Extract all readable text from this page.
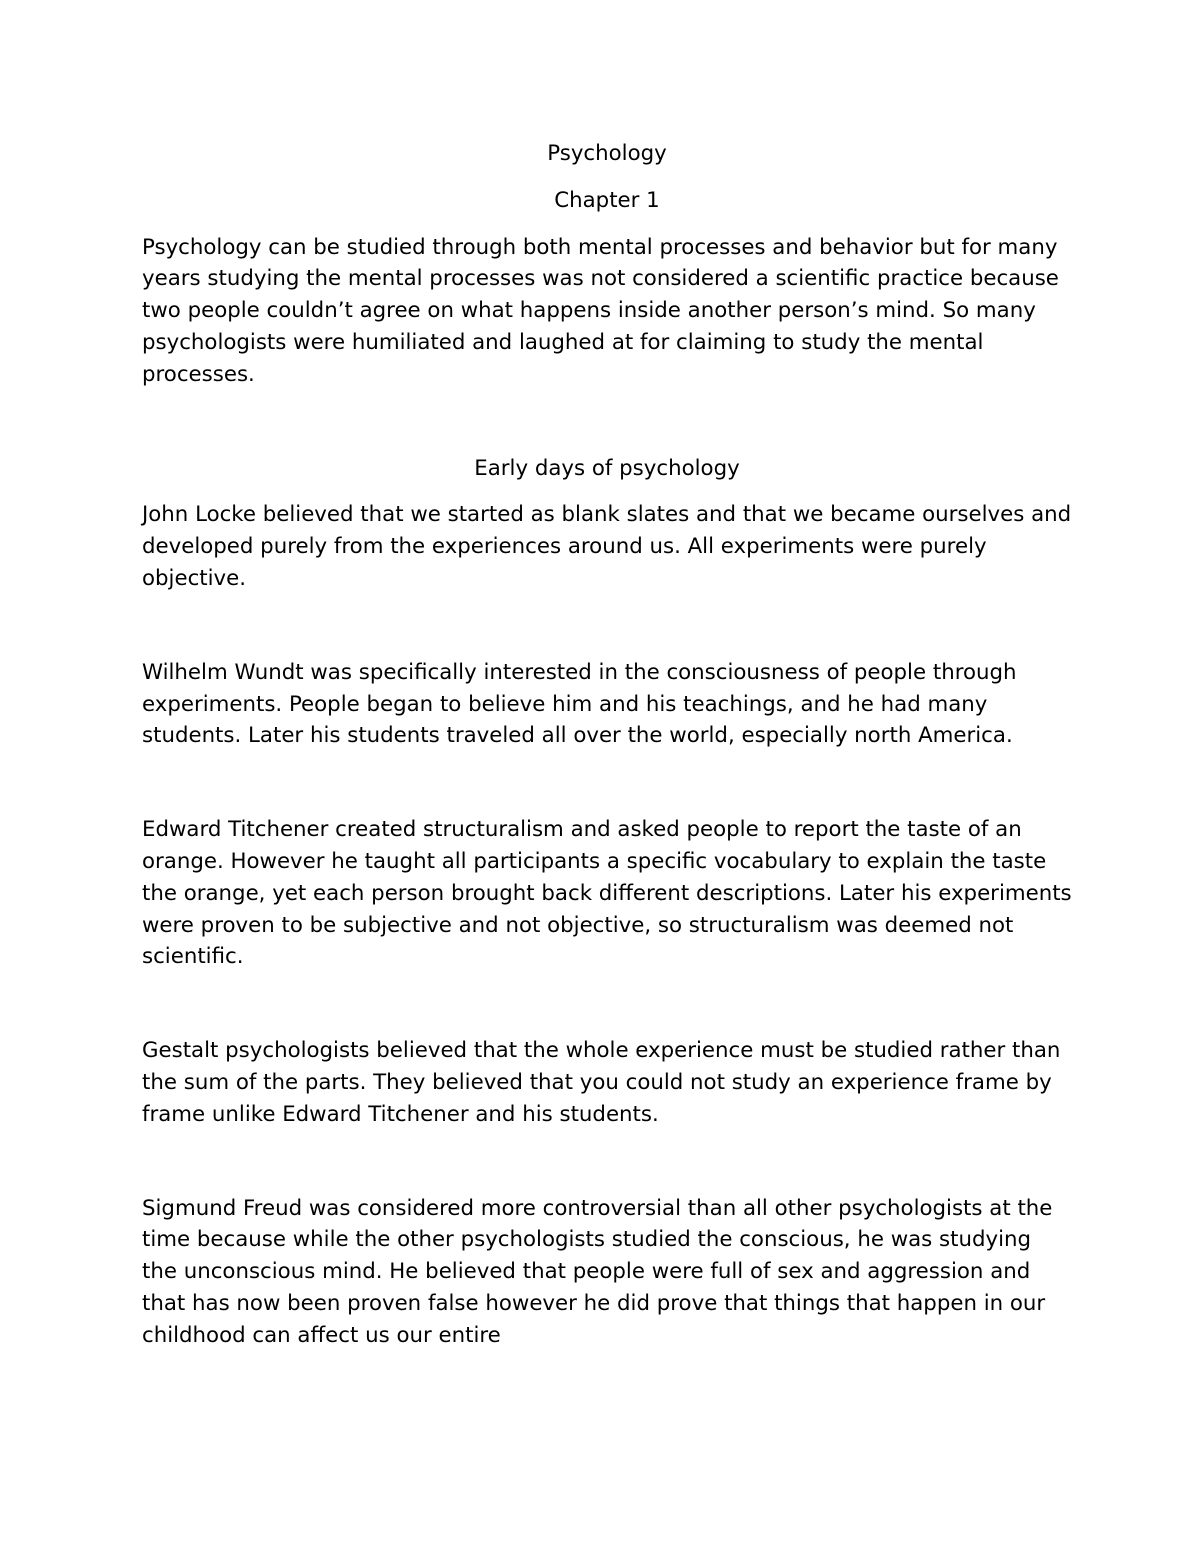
Psychology

Chapter 1

Psychology can be studied through both mental processes and behavior but for many years studying the mental processes was not considered a scientific practice because two people couldn’t agree on what happens inside another person’s mind. So many psychologists were humiliated and laughed at for claiming to study the mental processes.

Early days of psychology

John Locke believed that we started as blank slates and that we became ourselves and developed purely from the experiences around us. All experiments were purely objective.

Wilhelm Wundt was specifically interested in the consciousness of people through experiments. People began to believe him and his teachings, and he had many students. Later his students traveled all over the world, especially north America.

Edward Titchener created structuralism and asked people to report the taste of an orange. However he taught all participants a specific vocabulary to explain the taste the orange, yet each person brought back different descriptions. Later his experiments were proven to be subjective and not objective, so structuralism was deemed not scientific.

Gestalt psychologists believed that the whole experience must be studied rather than the sum of the parts. They believed that you could not study an experience frame by frame unlike Edward Titchener and his students.

Sigmund Freud was considered more controversial than all other psychologists at the time because while the other psychologists studied the conscious, he was studying the unconscious mind. He believed that people were full of sex and aggression and that has now been proven false however he did prove that things that happen in our childhood can affect us our entire
